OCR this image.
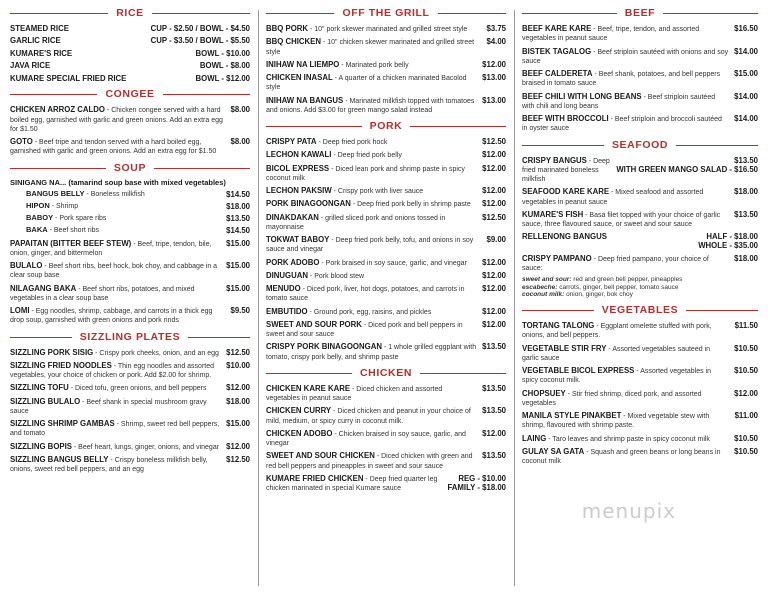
RICE
STEAMED RICE	CUP - $2.50 / BOWL - $4.50
GARLIC RICE	CUP - $3.50 / BOWL - $5.50
KUMARE'S RICE	BOWL - $10.00
JAVA RICE	BOWL - $8.00
KUMARE SPECIAL FRIED RICE	BOWL - $12.00
CONGEE
CHICKEN ARROZ CALDO - Chicken congee served with a hard boiled egg, garnished with garlic and green onions. Add an extra egg for $1.50
$8.00
GOTO - Beef tripe and tendon served with a hard boiled egg, garnished with garlic and green onions. Add an extra egg for $1.50
$8.00
SOUP
SINIGANG NA... (tamarind soup base with mixed vegetables)
BANGUS BELLY - Boneless milkfish	$14.50
HIPON - Shrimp	$18.00
BABOY - Pork spare ribs	$13.50
BAKA - Beef short ribs	$14.50
PAPAITAN (BITTER BEEF STEW) - Beef, tripe, tendon, bile, onion, ginger, and bittermelon
$15.00
BULALO - Beef short ribs, beef hock, bok choy, and cabbage in a clear soup base
$15.00
NILAGANG BAKA - Beef short ribs, potatoes, and mixed vegetables in a clear soup base
$15.00
LOMI - Egg noodles, shrimp, cabbage, and carrots in a thick egg drop soup, garnished with green onions and pork rinds
$9.50
SIZZLING PLATES
SIZZLING PORK SISIG - Crispy pork cheeks, onion, and an egg $12.50
SIZZLING FRIED NOODLES - Thin egg noodles and assorted vegetables, your choice of chicken or pork. Add $2.00 for shrimp.
$10.00
SIZZLING TOFU - Diced tofu, green onions, and bell peppers	$12.00
SIZZLING BULALO - Beef shank in special mushroom gravy sauce
$18.00
SIZZLING SHRIMP GAMBAS - Shrimp, sweet red bell peppers, and tomato
$15.00
SIZZLING BOPIS - Beef heart, lungs, ginger, onions, and vinegar $12.00
SIZZLING BANGUS BELLY - Crispy boneless milkfish belly, onions, sweet red bell peppers, and an egg
$12.50
OFF THE GRILL
BBQ PORK - 10" pork skewer marinated and grilled street style	$3.75
BBQ CHICKEN - 10" chicken skewer marinated and grilled street style
$4.00
INIHAW NA LIEMPO - Marinated pork belly	$12.00
CHICKEN INASAL - A quarter of a chicken marinated Bacolod style
$13.00
INIHAW NA BANGUS - Marinated milkfish topped with tomatoes and onions. Add $3.00 for green mango salad instead
$13.00
PORK
CRISPY PATA - Deep fried pork hock	$12.50
LECHON KAWALI - Deep fried pork belly	$12.00
BICOL EXPRESS - Diced lean pork and shrimp paste in spicy coconut milk
$12.00
LECHON PAKSIW - Crispy pork with liver sauce	$12.00
PORK BINAGOONGAN - Deep fried pork belly in shrimp paste	$12.00
DINAKDAKAN - grilled sliced pork and onions tossed in mayonnaise
$12.50
TOKWAT BABOY - Deep fried pork belly, tofu, and onions in soy sauce and vinegar
$9.00
PORK ADOBO - Pork braised in soy sauce, garlic, and vinegar	$12.00
DINUGUAN - Pork blood stew	$12.00
MENUDO - Diced pork, liver, hot dogs, potatoes, and carrots in tomato sauce
$12.00
EMBUTIDO - Ground pork, egg, raisins, and pickles	$12.00
SWEET AND SOUR PORK - Diced pork and bell peppers in sweet and sour sauce
$12.00
CRISPY PORK BINAGOONGAN - 1 whole grilled eggplant with tomato, crispy pork belly, and shrimp paste
$13.50
CHICKEN
CHICKEN KARE KARE - Diced chicken and assorted vegetables in peanut sauce
$13.50
CHICKEN CURRY - Diced chicken and peanut in your choice of mild, medium, or spicy curry in coconut milk.
$13.50
CHICKEN ADOBO - Chicken braised in soy sauce, garlic, and vinegar
$12.00
SWEET AND SOUR CHICKEN - Diced chicken with green and red bell peppers and pineapples in sweet and sour sauce
$13.50
KUMARE FRIED CHICKEN - Deep fried quarter leg chicken marinated in special Kumare sauce
REG - $10.00
FAMILY - $18.00
BEEF
BEEF KARE KARE - Beef, tripe, tendon, and assorted vegetables in peanut sauce
$16.50
BISTEK TAGALOG - Beef striploin sautéed with onions and soy sauce
$14.00
BEEF CALDERETA - Beef shank, potatoes, and bell peppers braised in tomato sauce
$15.00
BEEF CHILI WITH LONG BEANS - Beef striploin sautéed with chili and long beans
$14.00
BEEF WITH BROCCOLI - Beef striploin and broccoli sautéed in oyster sauce
$14.00
SEAFOOD
CRISPY BANGUS - Deep fried marinated boneless milkfish
$13.50
WITH GREEN MANGO SALAD - $16.50
SEAFOOD KARE KARE - Mixed seafood and assorted vegetables in peanut sauce
$18.00
KUMARE'S FISH - Basa filet topped with your choice of garlic sauce, three flavoured sauce, or sweet and sour sauce
$13.50
RELLENONG BANGUS	HALF - $18.00
WHOLE - $35.00
CRISPY PAMPANO - Deep fried pampano, your choice of sauce:
$18.00
sweet and sour: red and green bell pepper, pineapples
escabeche: carrots, ginger, bell pepper, tomato sauce
coconut milk: onion, ginger, bok choy
VEGETABLES
TORTANG TALONG - Eggplant omelette stuffed with pork, onions, and bell peppers.
$11.50
VEGETABLE STIR FRY - Assorted vegetables sauteed in garlic sauce
$10.50
VEGETABLE BICOL EXPRESS - Assorted vegetables in spicy coconut milk.
$10.50
CHOPSUEY - Stir fried shrimp, diced pork, and assorted vegetables
$12.00
MANILA STYLE PINAKBET - Mixed vegetable stew with shrimp, flavoured with shrimp paste.
$11.00
LAING - Taro leaves and shrimp paste in spicy coconut milk	$10.50
GULAY SA GATA - Squash and green beans or long beans in coconut milk
$10.50
menupix
